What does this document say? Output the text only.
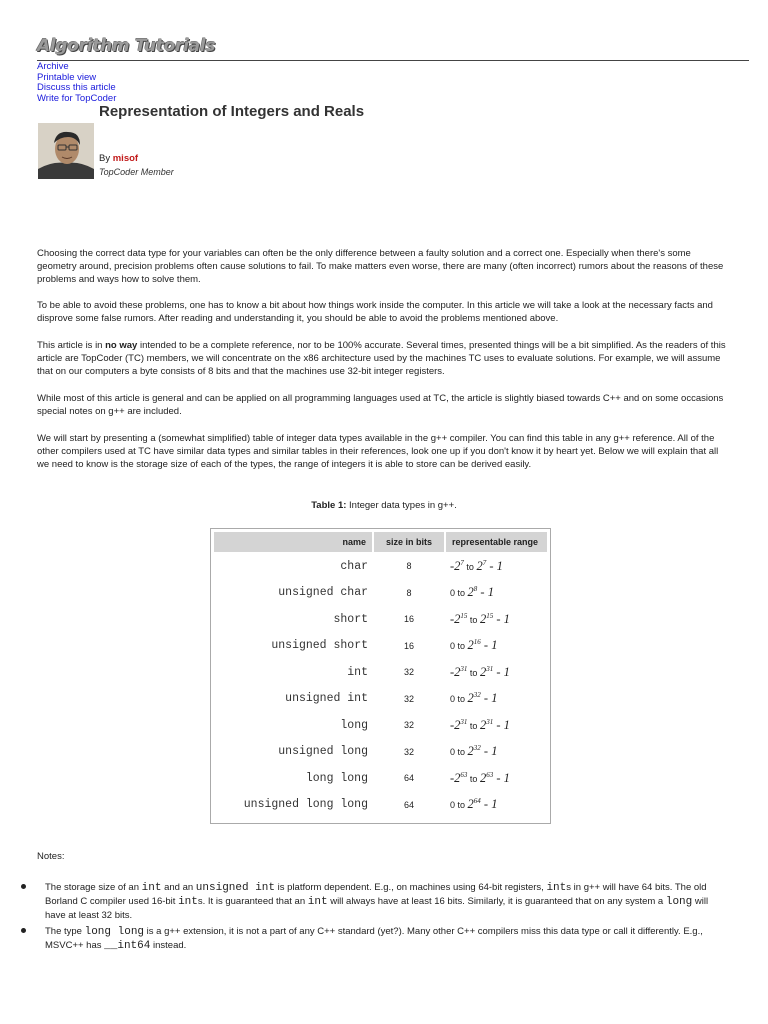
Algorithm Tutorials
Archive
Printable view
Discuss this article
Write for TopCoder
Representation of Integers and Reals
By misof
TopCoder Member
Choosing the correct data type for your variables can often be the only difference between a faulty solution and a correct one. Especially when there's some geometry around, precision problems often cause solutions to fail. To make matters even worse, there are many (often incorrect) rumors about the reasons of these problems and ways how to solve them.
To be able to avoid these problems, one has to know a bit about how things work inside the computer. In this article we will take a look at the necessary facts and disprove some false rumors. After reading and understanding it, you should be able to avoid the problems mentioned above.
This article is in no way intended to be a complete reference, nor to be 100% accurate. Several times, presented things will be a bit simplified. As the readers of this article are TopCoder (TC) members, we will concentrate on the x86 architecture used by the machines TC uses to evaluate solutions. For example, we will assume that on our computers a byte consists of 8 bits and that the machines use 32-bit integer registers.
While most of this article is general and can be applied on all programming languages used at TC, the article is slightly biased towards C++ and on some occasions special notes on g++ are included.
We will start by presenting a (somewhat simplified) table of integer data types available in the g++ compiler. You can find this table in any g++ reference. All of the other compilers used at TC have similar data types and similar tables in their references, look one up if you don't know it by heart yet. Below we will explain that all we need to know is the storage size of each of the types, the range of integers it is able to store can be derived easily.
Table 1: Integer data types in g++.
name	size in bits	representable range
char	8	$-2^7$ to $2^7 - 1$
unsigned char	8	0 to $2^8 - 1$
short	16	$-2^{15}$ to $2^{15} - 1$
unsigned short	16	0 to $2^{16} - 1$
int	32	$-2^{31}$ to $2^{31} - 1$
unsigned int	32	0 to $2^{32} - 1$
long	32	$-2^{31}$ to $2^{31} - 1$
unsigned long	32	0 to $2^{32} - 1$
long long	64	$-2^{63}$ to $2^{63} - 1$
unsigned long long	64	0 to $2^{64} - 1$
Notes:
The storage size of an int and an unsigned int is platform dependent. E.g., on machines using 64-bit registers, ints in g++ will have 64 bits. The old Borland C compiler used 16-bit ints. It is guaranteed that an int will always have at least 16 bits. Similarly, it is guaranteed that on any system a long will have at least 32 bits.
The type long long is a g++ extension, it is not a part of any C++ standard (yet?). Many other C++ compilers miss this data type or call it differently. E.g., MSVC++ has __int64 instead.
